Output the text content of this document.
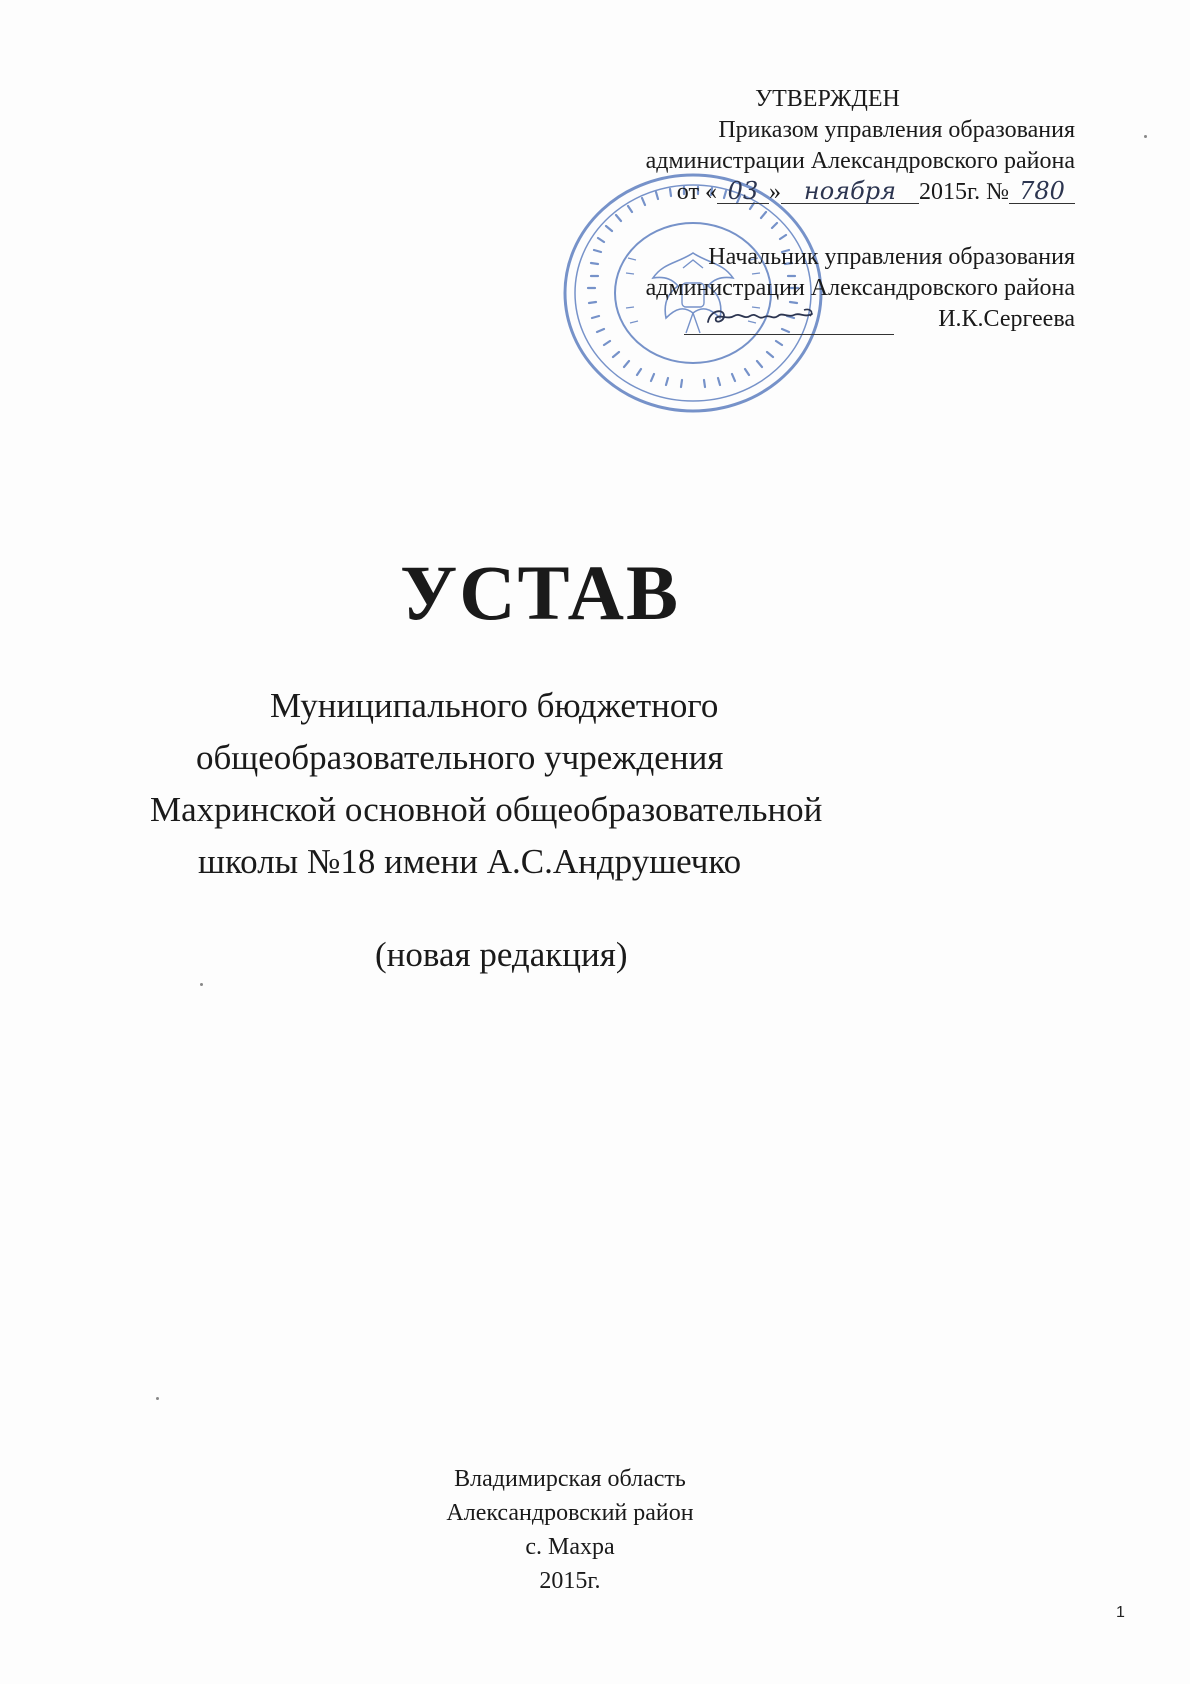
УТВЕРЖДЕН
Приказом управления образования
администрации Александровского района
от « 03 » ноября 2015г. № 780
Начальник управления образования
администрации Александровского района
И.К.Сергеева
УСТАВ
Муниципального бюджетного
общеобразовательного учреждения
Махринской основной общеобразовательной
школы №18 имени А.С.Андрушечко
(новая редакция)
Владимирская область
Александровский район
с. Махра
2015г.
1
